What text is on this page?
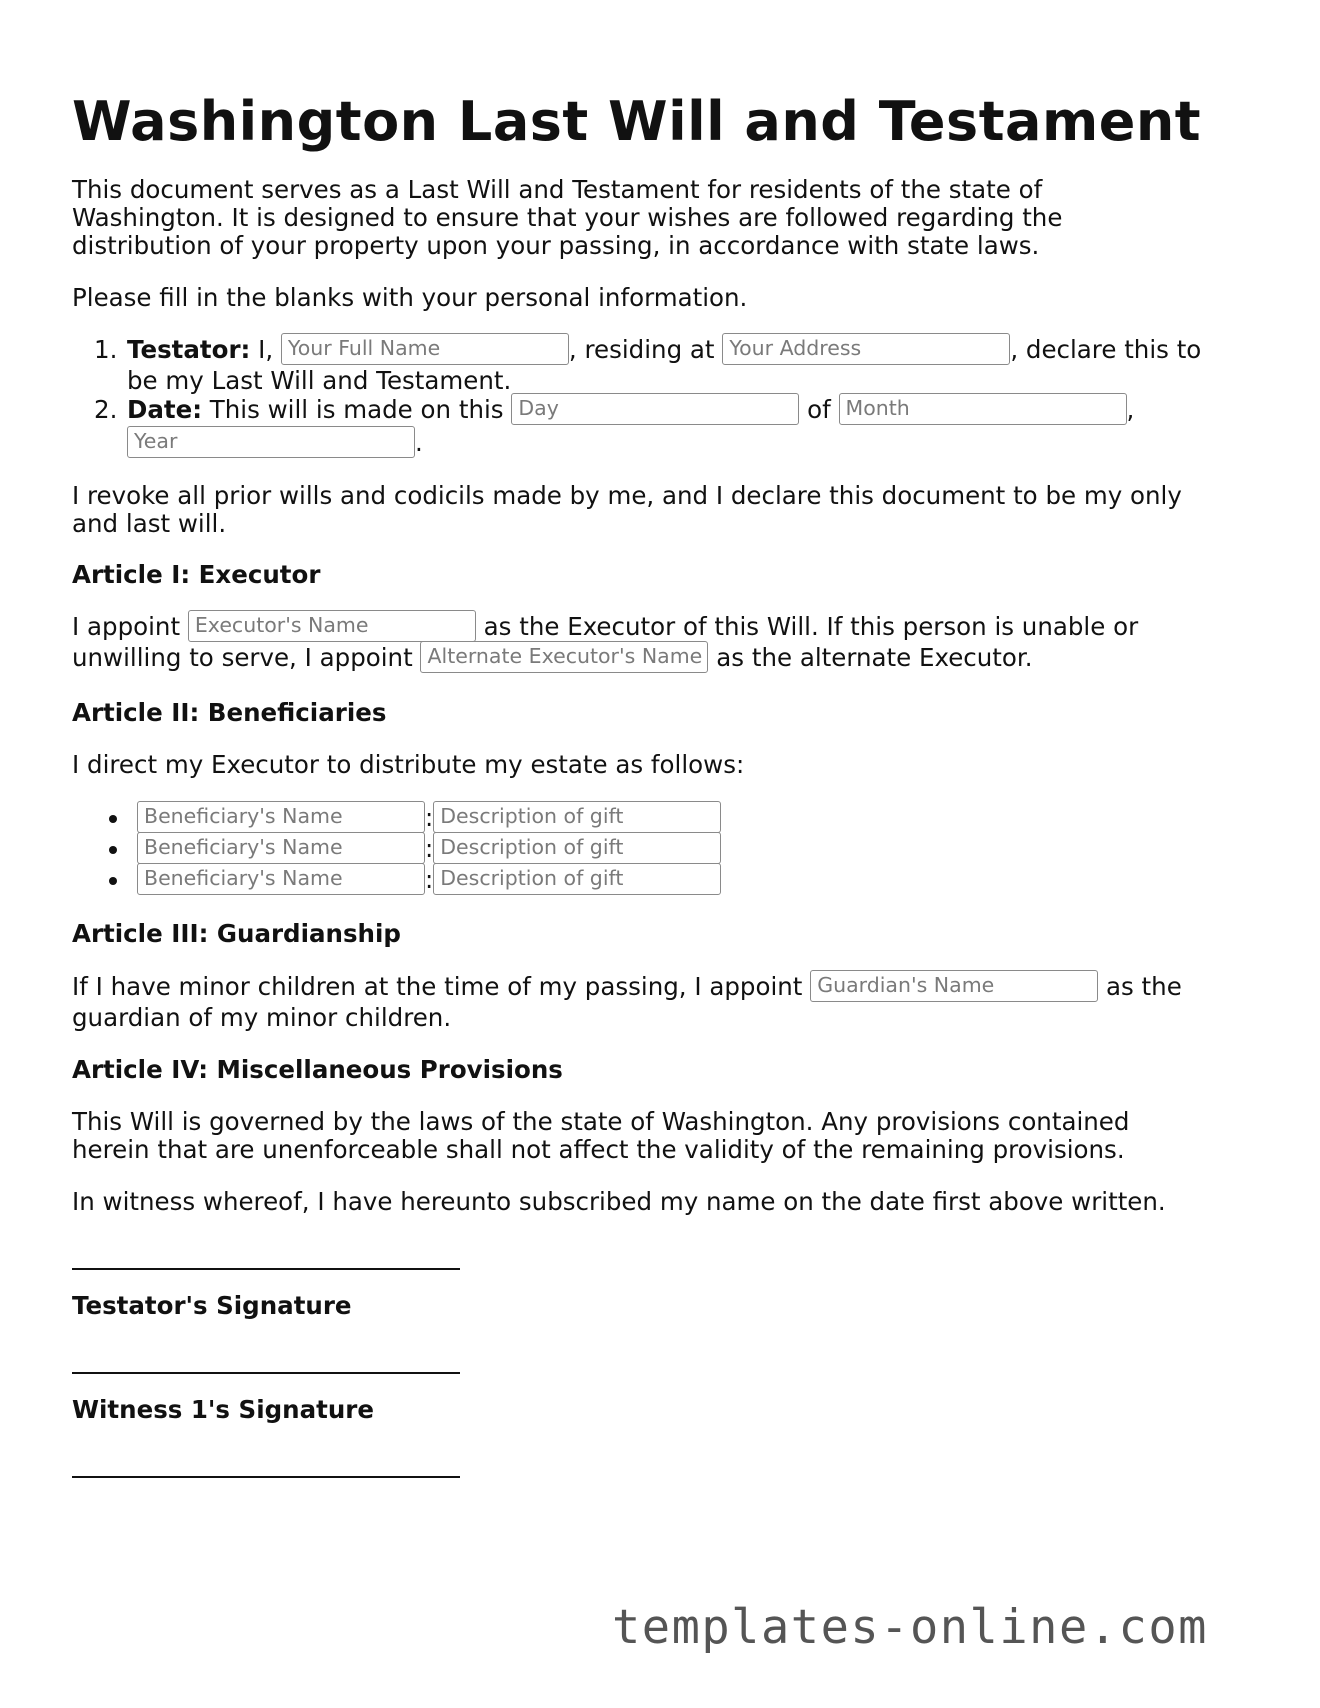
Washington Last Will and Testament
This document serves as a Last Will and Testament for residents of the state of
Washington. It is designed to ensure that your wishes are followed regarding the
distribution of your property upon your passing, in accordance with state laws.
Please fill in the blanks with your personal information.
1. Testator: I, Your Full Name	, residing at Your Address	, declare this to
be my Last Will and Testament.
2. Date: This will is made on this Day	of Month	,
Year	.
I revoke all prior wills and codicils made by me, and I declare this document to be my only
and last will.
Article I: Executor
I appoint Executor's Name	as the Executor of this Will. If this person is unable or
unwilling to serve, I appoint Alternate Executor's Name as the alternate Executor.
Article II: Beneficiaries
I direct my Executor to distribute my estate as follows:
Beneficiary's Name	: Description of gift
Beneficiary's Name	: Description of gift
Beneficiary's Name	: Description of gift
Article III: Guardianship
If I have minor children at the time of my passing, I appoint Guardian's Name	as the
guardian of my minor children.
Article IV: Miscellaneous Provisions
This Will is governed by the laws of the state of Washington. Any provisions contained
herein that are unenforceable shall not affect the validity of the remaining provisions.
In witness whereof, I have hereunto subscribed my name on the date first above written.
Testator's Signature
Witness 1's Signature
templates-online.com
